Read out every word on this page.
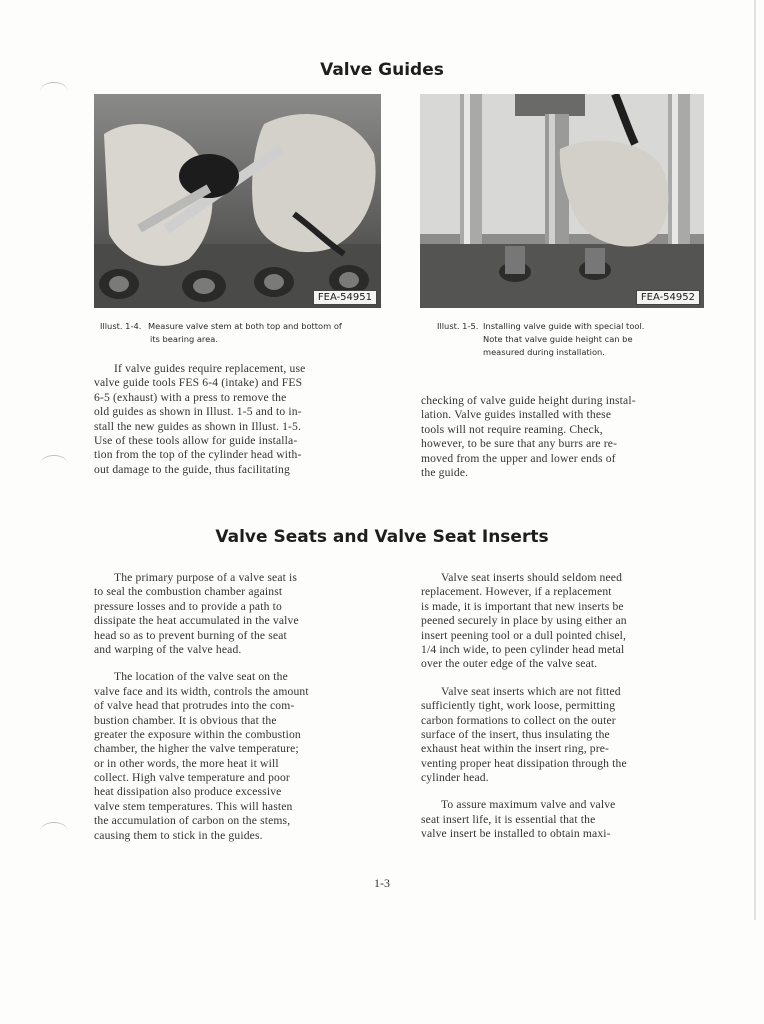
Valve Guides
FEA-54951	FEA-54952
Illust. 1-4. Measure valve stem at both top and bottom of
its bearing area.
Illust. 1-5. Installing valve guide with special tool.
Note that valve guide height can be
measured during installation.
If valve guides require replacement, use
valve guide tools FES 6-4 (intake) and FES
6-5 (exhaust) with a press to remove the
old guides as shown in Illust. 1-5 and to in-
stall the new guides as shown in Illust. 1-5.
Use of these tools allow for guide installa-
tion from the top of the cylinder head with-
out damage to the guide, thus facilitating
checking of valve guide height during instal-
lation. Valve guides installed with these
tools will not require reaming. Check,
however, to be sure that any burrs are re-
moved from the upper and lower ends of
the guide.
Valve Seats and Valve Seat Inserts
The primary purpose of a valve seat is
to seal the combustion chamber against
pressure losses and to provide a path to
dissipate the heat accumulated in the valve
head so as to prevent burning of the seat
and warping of the valve head.
The location of the valve seat on the
valve face and its width, controls the amount
of valve head that protrudes into the com-
bustion chamber. It is obvious that the
greater the exposure within the combustion
chamber, the higher the valve temperature;
or in other words, the more heat it will
collect. High valve temperature and poor
heat dissipation also produce excessive
valve stem temperatures. This will hasten
the accumulation of carbon on the stems,
causing them to stick in the guides.
Valve seat inserts should seldom need
replacement. However, if a replacement
is made, it is important that new inserts be
peened securely in place by using either an
insert peening tool or a dull pointed chisel,
1/4 inch wide, to peen cylinder head metal
over the outer edge of the valve seat.
Valve seat inserts which are not fitted
sufficiently tight, work loose, permitting
carbon formations to collect on the outer
surface of the insert, thus insulating the
exhaust heat within the insert ring, pre-
venting proper heat dissipation through the
cylinder head.
To assure maximum valve and valve
seat insert life, it is essential that the
valve insert be installed to obtain maxi-
1-3
